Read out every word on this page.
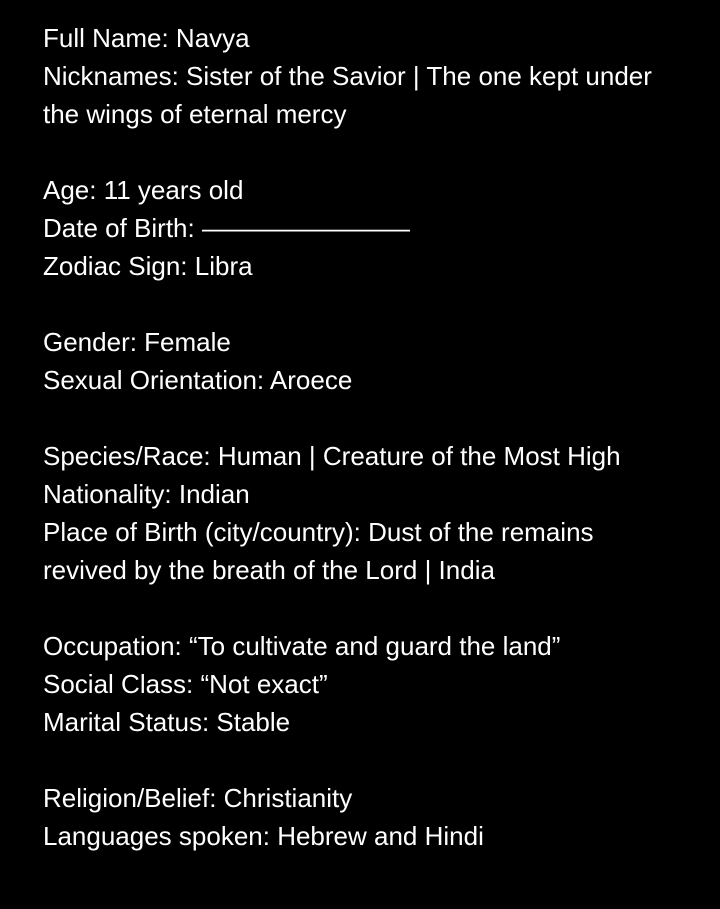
Full Name: Navya
Nicknames: Sister of the Savior | The one kept under the wings of eternal mercy
Age: 11 years old
Date of Birth: ————————
Zodiac Sign: Libra
Gender: Female
Sexual Orientation: Aroece
Species/Race: Human | Creature of the Most High
Nationality: Indian
Place of Birth (city/country): Dust of the remains revived by the breath of the Lord | India
Occupation: “To cultivate and guard the land”
Social Class: “Not exact”
Marital Status: Stable
Religion/Belief: Christianity
Languages spoken: Hebrew and Hindi
